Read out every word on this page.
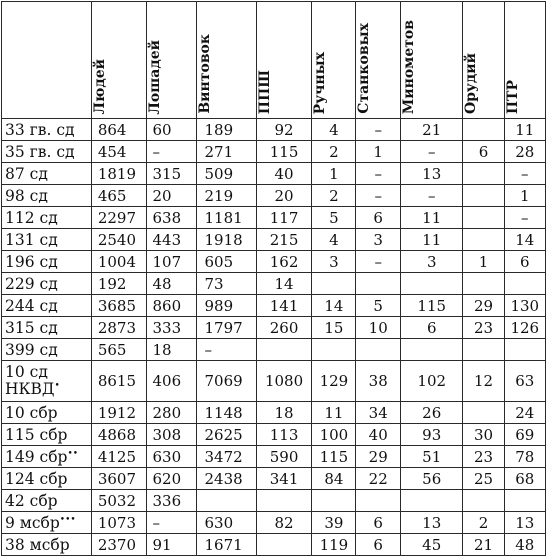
	Людей	Лошадей	Винтовок	ППШ	Ручных	Станковых	Минометов	Орудий	ПТР
33 гв. сд	864	60	189	92	4	–	21		11
35 гв. сд	454	–	271	115	2	1	–	6	28
87 сд	1819	315	509	40	1	–	13		–
98 сд	465	20	219	20	2	–	–		1
112 сд	2297	638	1181	117	5	6	11		–
131 сд	2540	443	1918	215	4	3	11		14
196 сд	1004	107	605	162	3	–	3	1	6
229 сд	192	48	73	14					
244 сд	3685	860	989	141	14	5	115	29	130
315 сд	2873	333	1797	260	15	10	6	23	126
399 сд	565	18	–						
10 сд НКВД•	8615	406	7069	1080	129	38	102	12	63
10 сбр	1912	280	1148	18	11	34	26		24
115 сбр	4868	308	2625	113	100	40	93	30	69
149 сбр••	4125	630	3472	590	115	29	51	23	78
124 сбр	3607	620	2438	341	84	22	56	25	68
42 сбр	5032	336							
9 мсбр•••	1073	–	630	82	39	6	13	2	13
38 мсбр	2370	91	1671		119	6	45	21	48
